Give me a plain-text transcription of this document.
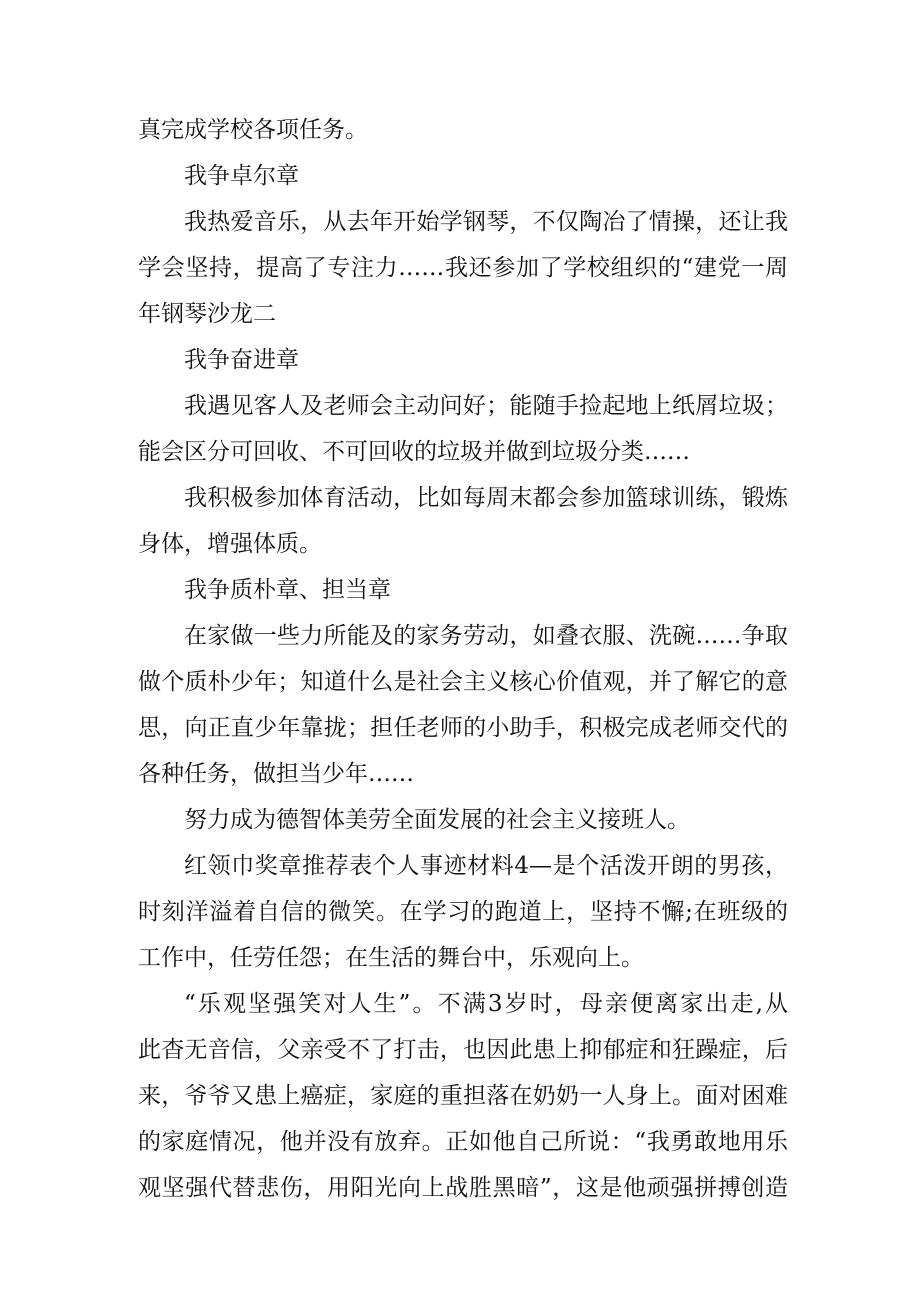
真完成学校各项任务。
我争卓尔章
我热爱音乐，从去年开始学钢琴，不仅陶冶了情操，还让我
学会坚持，提高了专注力……我还参加了学校组织的“建党一周
年钢琴沙龙二
我争奋进章
我遇见客人及老师会主动问好；能随手捡起地上纸屑垃圾；
能会区分可回收、不可回收的垃圾并做到垃圾分类……
我积极参加体育活动，比如每周末都会参加篮球训练，锻炼
身体，增强体质。
我争质朴章、担当章
在家做一些力所能及的家务劳动，如叠衣服、洗碗……争取
做个质朴少年；知道什么是社会主义核心价值观，并了解它的意
思，向正直少年靠拢；担任老师的小助手，积极完成老师交代的
各种任务，做担当少年……
努力成为德智体美劳全面发展的社会主义接班人。
红领巾奖章推荐表个人事迹材料4—是个活泼开朗的男孩，
时刻洋溢着自信的微笑。在学习的跑道上，坚持不懈;在班级的
工作中，任劳任怨；在生活的舞台中，乐观向上。
“乐观坚强笑对人生”。不满3岁时，母亲便离家出走,从
此杳无音信，父亲受不了打击，也因此患上抑郁症和狂躁症，后
来，爷爷又患上癌症，家庭的重担落在奶奶一人身上。面对困难
的家庭情况，他并没有放弃。正如他自己所说：“我勇敢地用乐
观坚强代替悲伤，用阳光向上战胜黑暗”，这是他顽强拼搏创造
